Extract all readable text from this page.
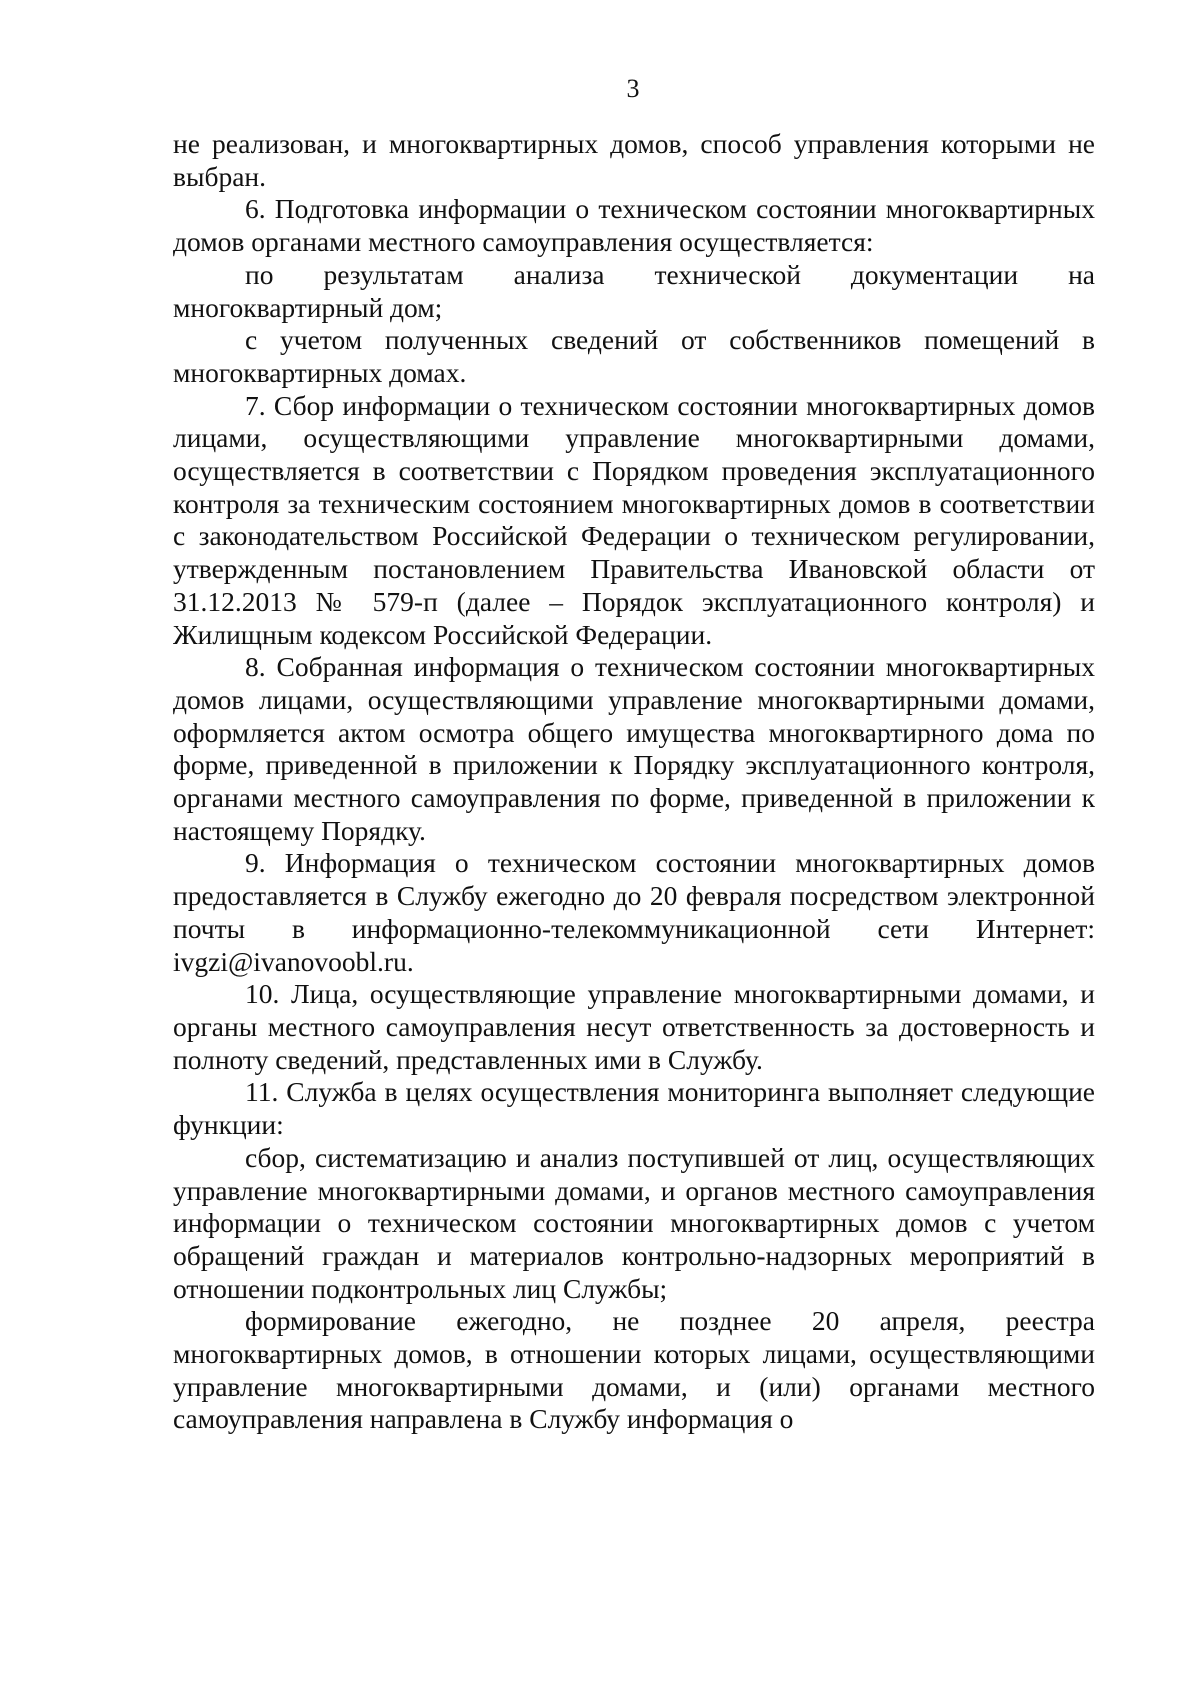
3

не реализован, и многоквартирных домов, способ управления которыми не выбран.

6. Подготовка информации о техническом состоянии многоквартирных домов органами местного самоуправления осуществляется:

по результатам анализа технической документации на многоквартирный дом;

с учетом полученных сведений от собственников помещений в многоквартирных домах.

7. Сбор информации о техническом состоянии многоквартирных домов лицами, осуществляющими управление многоквартирными домами, осуществляется в соответствии с Порядком проведения эксплуатационного контроля за техническим состоянием многоквартирных домов в соответствии с законодательством Российской Федерации о техническом регулировании, утвержденным постановлением Правительства Ивановской области от 31.12.2013 № 579-п (далее – Порядок эксплуатационного контроля) и Жилищным кодексом Российской Федерации.

8. Собранная информация о техническом состоянии многоквартирных домов лицами, осуществляющими управление многоквартирными домами, оформляется актом осмотра общего имущества многоквартирного дома по форме, приведенной в приложении к Порядку эксплуатационного контроля, органами местного самоуправления по форме, приведенной в приложении к настоящему Порядку.

9. Информация о техническом состоянии многоквартирных домов предоставляется в Службу ежегодно до 20 февраля посредством электронной почты в информационно-телекоммуникационной сети Интернет: ivgzi@ivanovoobl.ru.

10. Лица, осуществляющие управление многоквартирными домами, и органы местного самоуправления несут ответственность за достоверность и полноту сведений, представленных ими в Службу.

11. Служба в целях осуществления мониторинга выполняет следующие функции:

сбор, систематизацию и анализ поступившей от лиц, осуществляющих управление многоквартирными домами, и органов местного самоуправления информации о техническом состоянии многоквартирных домов с учетом обращений граждан и материалов контрольно-надзорных мероприятий в отношении подконтрольных лиц Службы;

формирование ежегодно, не позднее 20 апреля, реестра многоквартирных домов, в отношении которых лицами, осуществляющими управление многоквартирными домами, и (или) органами местного самоуправления направлена в Службу информация о
